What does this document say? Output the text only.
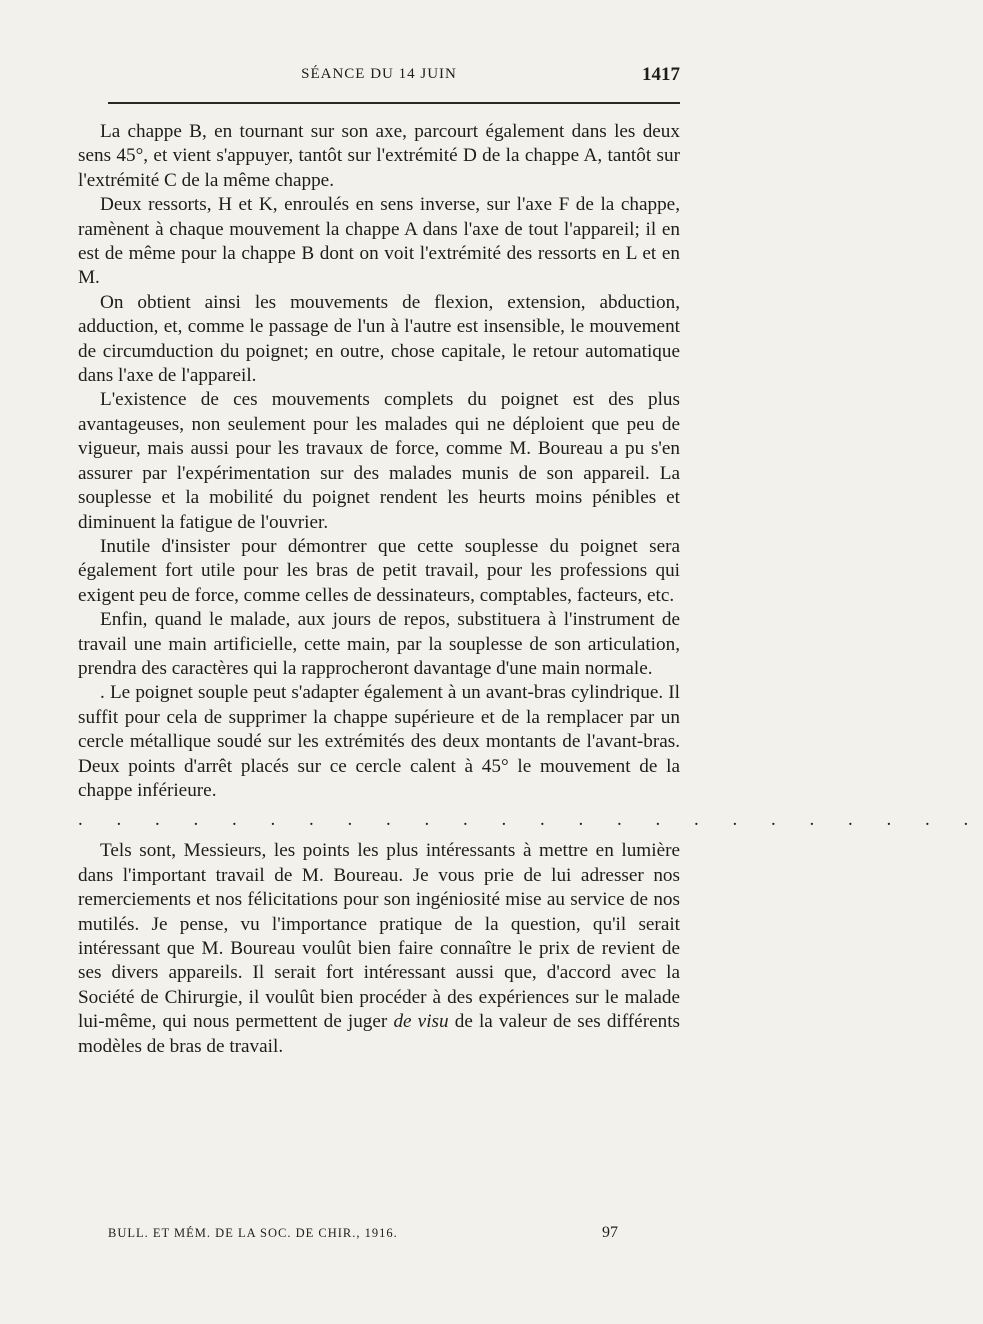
SÉANCE DU 14 JUIN	1417

La chappe B, en tournant sur son axe, parcourt également dans les deux sens 45°, et vient s'appuyer, tantôt sur l'extrémité D de la chappe A, tantôt sur l'extrémité C de la même chappe.

Deux ressorts, H et K, enroulés en sens inverse, sur l'axe F de la chappe, ramènent à chaque mouvement la chappe A dans l'axe de tout l'appareil; il en est de même pour la chappe B dont on voit l'extrémité des ressorts en L et en M.

On obtient ainsi les mouvements de flexion, extension, abduction, adduction, et, comme le passage de l'un à l'autre est insensible, le mouvement de circumduction du poignet; en outre, chose capitale, le retour automatique dans l'axe de l'appareil.

L'existence de ces mouvements complets du poignet est des plus avantageuses, non seulement pour les malades qui ne déploient que peu de vigueur, mais aussi pour les travaux de force, comme M. Boureau a pu s'en assurer par l'expérimentation sur des malades munis de son appareil. La souplesse et la mobilité du poignet rendent les heurts moins pénibles et diminuent la fatigue de l'ouvrier.

Inutile d'insister pour démontrer que cette souplesse du poignet sera également fort utile pour les bras de petit travail, pour les professions qui exigent peu de force, comme celles de dessinateurs, comptables, facteurs, etc.

Enfin, quand le malade, aux jours de repos, substituera à l'instrument de travail une main artificielle, cette main, par la souplesse de son articulation, prendra des caractères qui la rapprocheront davantage d'une main normale.

. Le poignet souple peut s'adapter également à un avant-bras cylindrique. Il suffit pour cela de supprimer la chappe supérieure et de la remplacer par un cercle métallique soudé sur les extrémités des deux montants de l'avant-bras. Deux points d'arrêt placés sur ce cercle calent à 45° le mouvement de la chappe inférieure.

. . . . . . . . . . . . . . . . . . . . . . . .

Tels sont, Messieurs, les points les plus intéressants à mettre en lumière dans l'important travail de M. Boureau. Je vous prie de lui adresser nos remerciements et nos félicitations pour son ingéniosité mise au service de nos mutilés. Je pense, vu l'importance pratique de la question, qu'il serait intéressant que M. Boureau voulût bien faire connaître le prix de revient de ses divers appareils. Il serait fort intéressant aussi que, d'accord avec la Société de Chirurgie, il voulût bien procéder à des expériences sur le malade lui-même, qui nous permettent de juger de visu de la valeur de ses différents modèles de bras de travail.

BULL. ET MÉM. DE LA SOC. DE CHIR., 1916.	97
